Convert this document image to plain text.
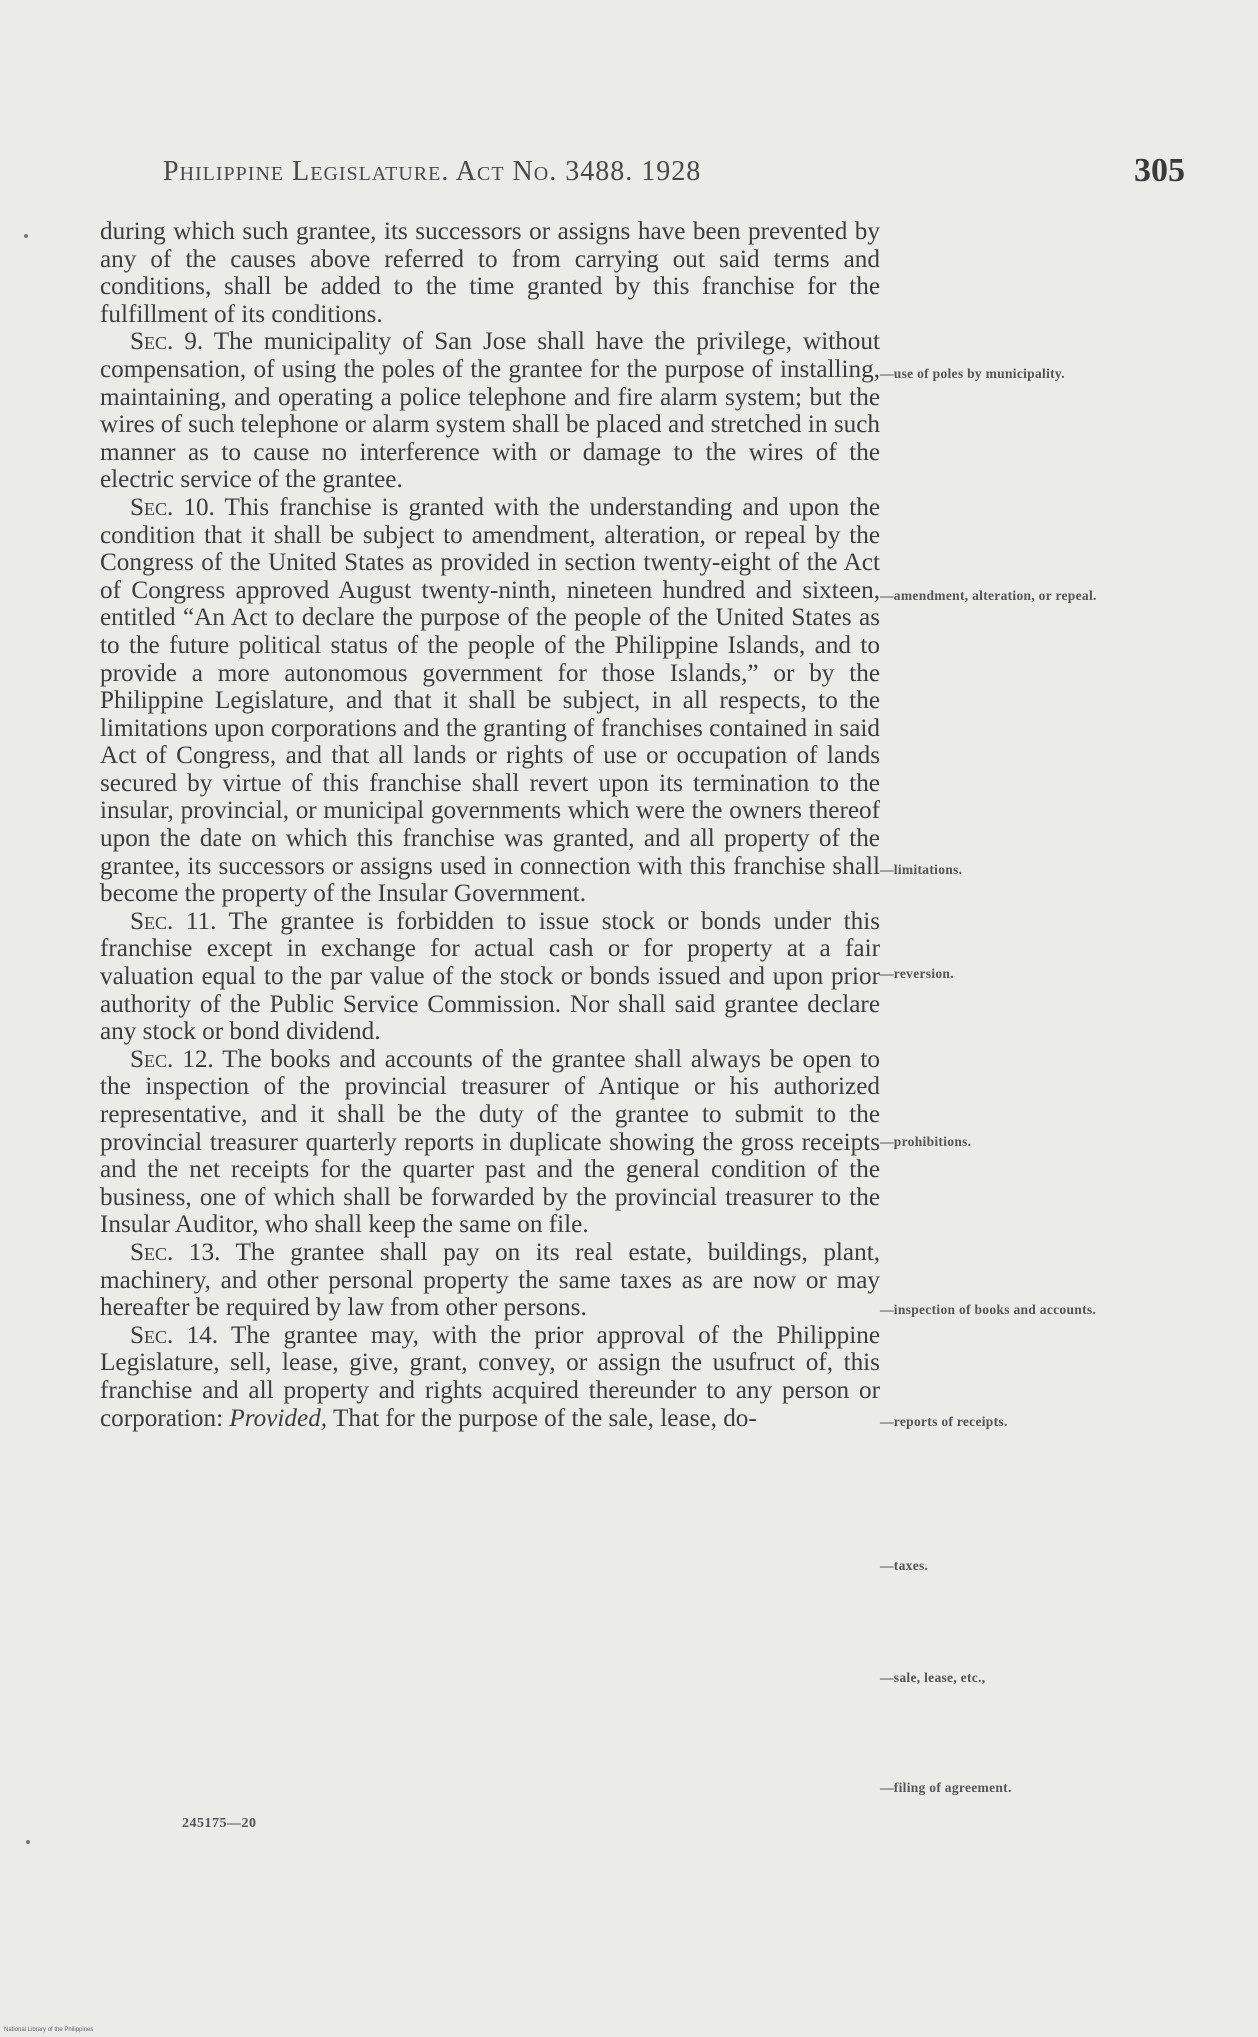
Philippine Legislature. Act No. 3488. 1928	305

during which such grantee, its successors or assigns have been prevented by any of the causes above referred to from carrying out said terms and conditions, shall be added to the time granted by this franchise for the fulfillment of its conditions.

Sec. 9. The municipality of San Jose shall have the privilege, without compensation, of using the poles of the grantee for the purpose of installing, maintaining, and operating a police telephone and fire alarm system; but the wires of such telephone or alarm system shall be placed and stretched in such manner as to cause no interference with or damage to the wires of the electric service of the grantee.

Sec. 10. This franchise is granted with the understanding and upon the condition that it shall be subject to amendment, alteration, or repeal by the Congress of the United States as provided in section twenty-eight of the Act of Congress approved August twenty-ninth, nineteen hundred and sixteen, entitled “An Act to declare the purpose of the people of the United States as to the future political status of the people of the Philippine Islands, and to provide a more autonomous government for those Islands,” or by the Philippine Legislature, and that it shall be subject, in all respects, to the limitations upon corporations and the granting of franchises contained in said Act of Congress, and that all lands or rights of use or occupation of lands secured by virtue of this franchise shall revert upon its termination to the insular, provincial, or municipal governments which were the owners thereof upon the date on which this franchise was granted, and all property of the grantee, its successors or assigns used in connection with this franchise shall become the property of the Insular Government.

Sec. 11. The grantee is forbidden to issue stock or bonds under this franchise except in exchange for actual cash or for property at a fair valuation equal to the par value of the stock or bonds issued and upon prior authority of the Public Service Commission. Nor shall said grantee declare any stock or bond dividend.

Sec. 12. The books and accounts of the grantee shall always be open to the inspection of the provincial treasurer of Antique or his authorized representative, and it shall be the duty of the grantee to submit to the provincial treasurer quarterly reports in duplicate showing the gross receipts and the net receipts for the quarter past and the general condition of the business, one of which shall be forwarded by the provincial treasurer to the Insular Auditor, who shall keep the same on file.

Sec. 13. The grantee shall pay on its real estate, buildings, plant, machinery, and other personal property the same taxes as are now or may hereafter be required by law from other persons.

Sec. 14. The grantee may, with the prior approval of the Philippine Legislature, sell, lease, give, grant, convey, or assign the usufruct of, this franchise and all property and rights acquired thereunder to any person or corporation: Provided, That for the purpose of the sale, lease, do-

—use of poles by municipality.
—amendment, alteration, or repeal.
—limitations.
—reversion.
—prohibitions.
—inspection of books and accounts.
—reports of receipts.
—taxes.
—sale, lease, etc.,
—filing of agreement.
245175—20
National Library of the Philippines
